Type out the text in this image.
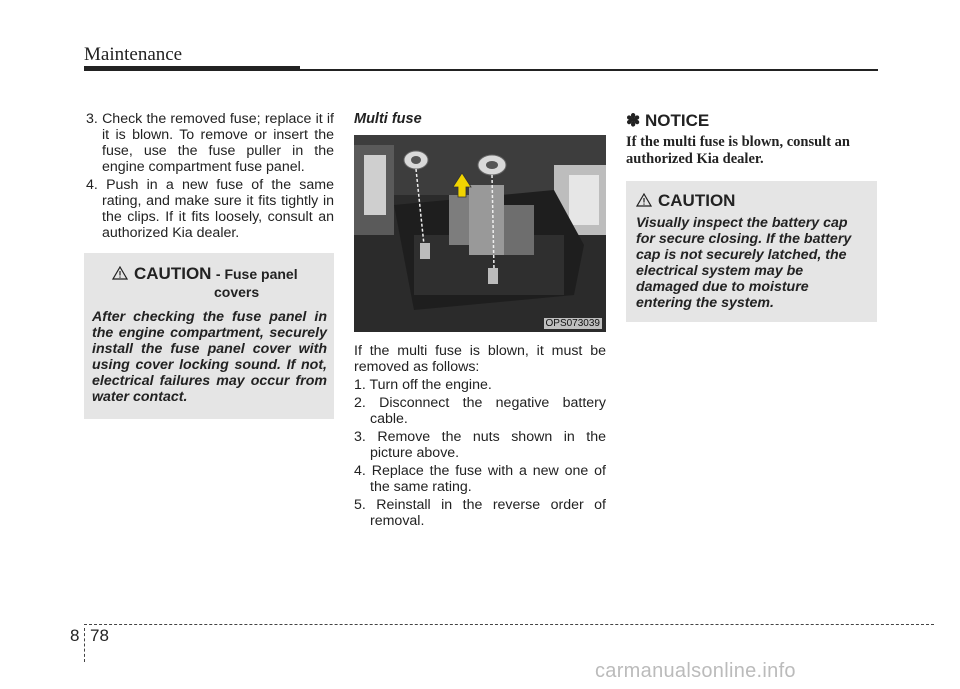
Maintenance
3. Check the removed fuse; replace it if it is blown. To remove or insert the fuse, use the fuse puller in the engine compartment fuse panel.
4. Push in a new fuse of the same rating, and make sure it fits tightly in the clips. If it fits loosely, consult an authorized Kia dealer.
CAUTION - Fuse panel
covers
After checking the fuse panel in the engine compartment, securely install the fuse panel cover with using cover locking sound. If not, electrical failures may occur from water contact.
Multi fuse
OPS073039
If the multi fuse is blown, it must be removed as follows:
1. Turn off the engine.
2. Disconnect the negative battery cable.
3. Remove the nuts shown in the picture above.
4. Replace the fuse with a new one of the same rating.
5. Reinstall in the reverse order of removal.
✽ NOTICE
If the multi fuse is blown, consult an authorized Kia dealer.
CAUTION
Visually inspect the battery cap for secure closing. If the battery cap is not securely latched, the electrical system may be damaged due to moisture entering the system.
8 78
carmanualsonline.info
